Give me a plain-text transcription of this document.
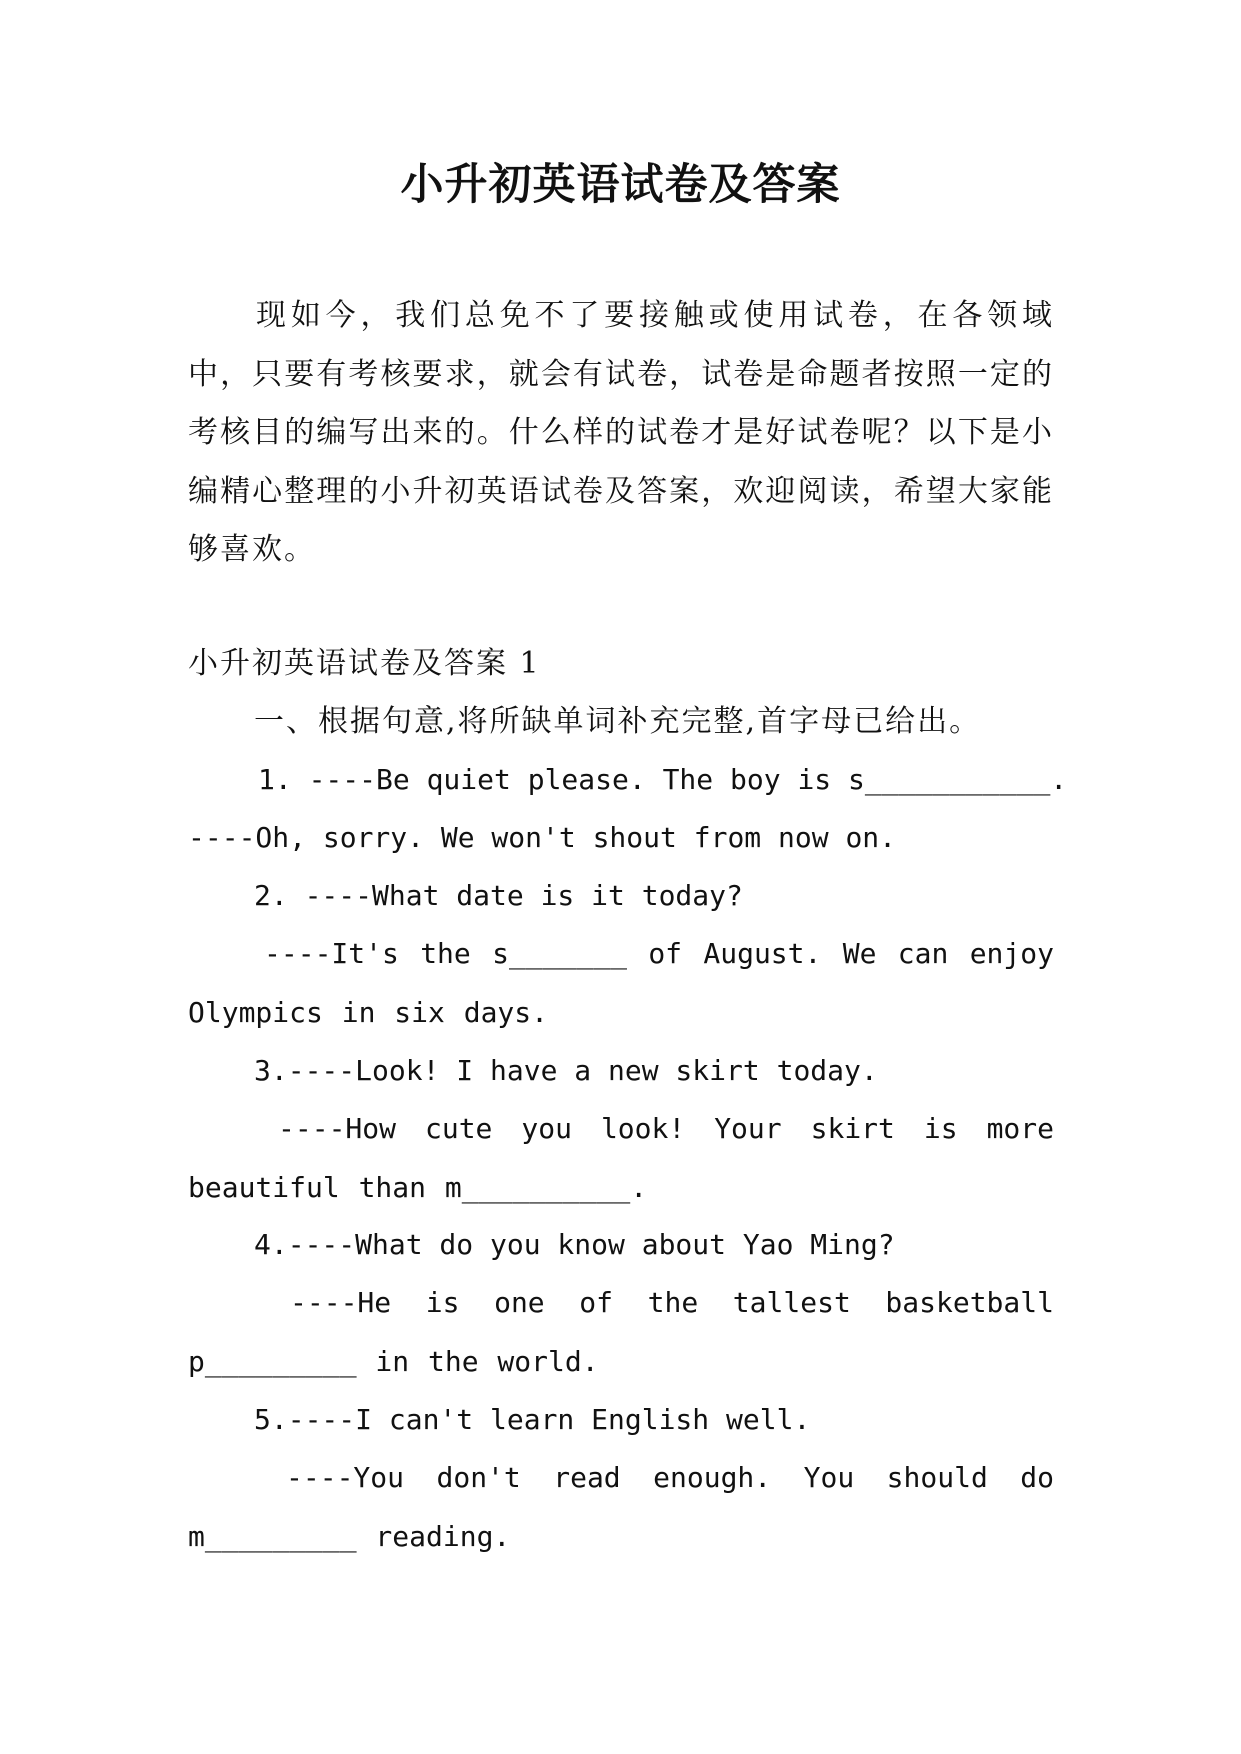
小升初英语试卷及答案

现如今，我们总免不了要接触或使用试卷，在各领域中，只要有考核要求，就会有试卷，试卷是命题者按照一定的考核目的编写出来的。什么样的试卷才是好试卷呢？以下是小编精心整理的小升初英语试卷及答案，欢迎阅读，希望大家能够喜欢。

小升初英语试卷及答案 1

一、根据句意,将所缺单词补充完整,首字母已给出。

1. ----Be quiet please. The boy is s___________.

----Oh, sorry. We won't shout from now on.

2. ----What date is it today?

----It's the s_______ of August. We can enjoy Olympics in six days.

3.----Look! I have a new skirt today.

----How cute you look! Your skirt is more beautiful than m__________.

4.----What do you know about Yao Ming?

----He is one of the tallest basketball p_________ in the world.

5.----I can't learn English well.

----You don't read enough. You should do m_________ reading.
